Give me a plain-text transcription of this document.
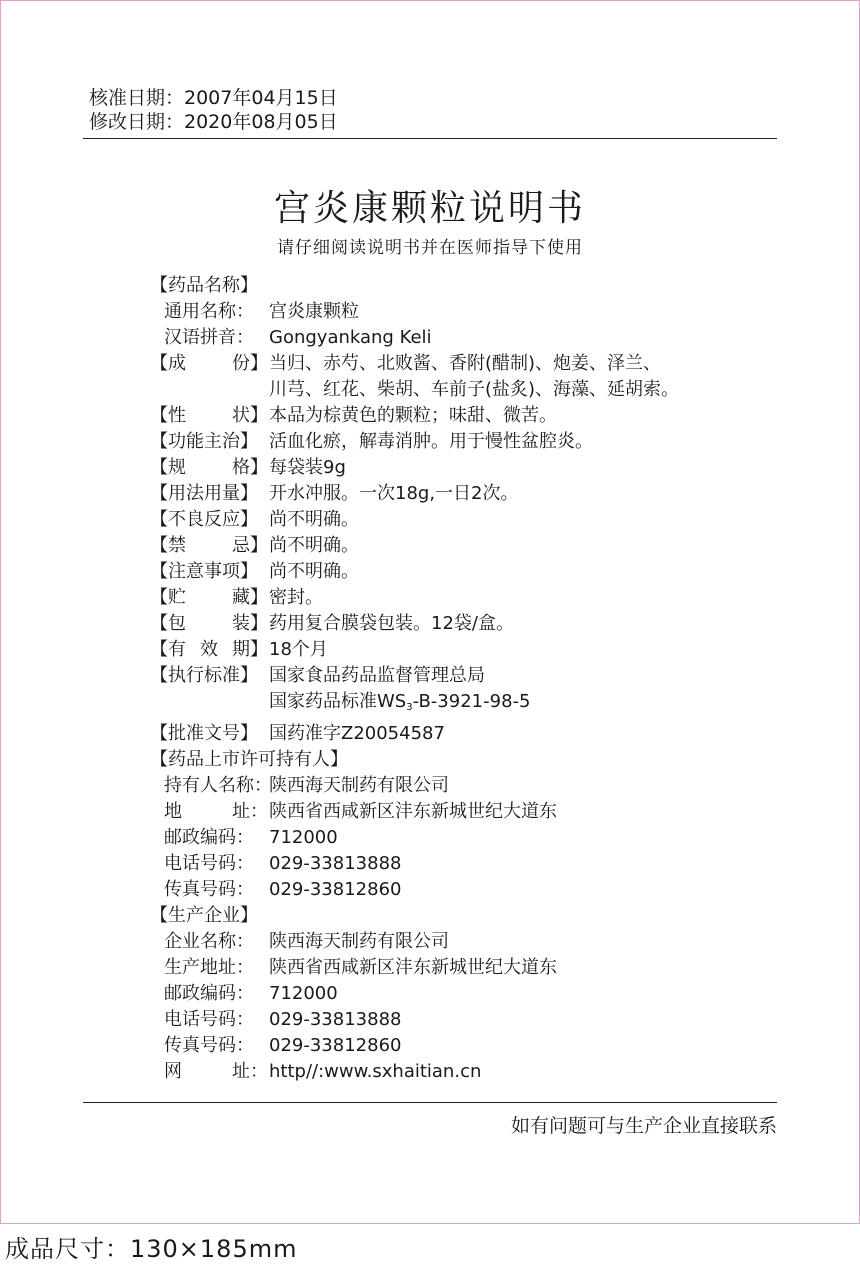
核准日期：2007年04月15日
修改日期：2020年08月05日
宫炎康颗粒说明书
请仔细阅读说明书并在医师指导下使用
【药品名称】
通用名称： 宫炎康颗粒
汉语拼音： Gongyankang Keli
【成	份】 当归、赤芍、北败酱、香附(醋制)、炮姜、泽兰、
川芎、红花、柴胡、车前子(盐炙)、海藻、延胡索。
【性	状】 本品为棕黄色的颗粒；味甜、微苦。
【功能主治】 活血化瘀，解毒消肿。用于慢性盆腔炎。
【规	格】 每袋装9g
【用法用量】 开水冲服。一次18g,一日2次。
【不良反应】 尚不明确。
【禁	忌】 尚不明确。
【注意事项】 尚不明确。
【贮	藏】 密封。
【包	装】 药用复合膜袋包装。12袋/盒。
【有 效 期】 18个月
【执行标准】 国家食品药品监督管理总局
国家药品标准$WS_3-B-3921-98-5$
【批准文号】 国药准字Z20054587
【药品上市许可持有人】
持有人名称：
陕西海天制药有限公司
地	址： 陕西省西咸新区沣东新城世纪大道东
邮政编码： 712000
电话号码： 029-33813888
传真号码： 029-33812860
【生产企业】
企业名称： 陕西海天制药有限公司
生产地址： 陕西省西咸新区沣东新城世纪大道东
邮政编码： 712000
电话号码： 029-33813888
传真号码： 029-33812860
网	址： http//:www.sxhaitian.cn
如有问题可与生产企业直接联系
成品尺寸：130×185mm
